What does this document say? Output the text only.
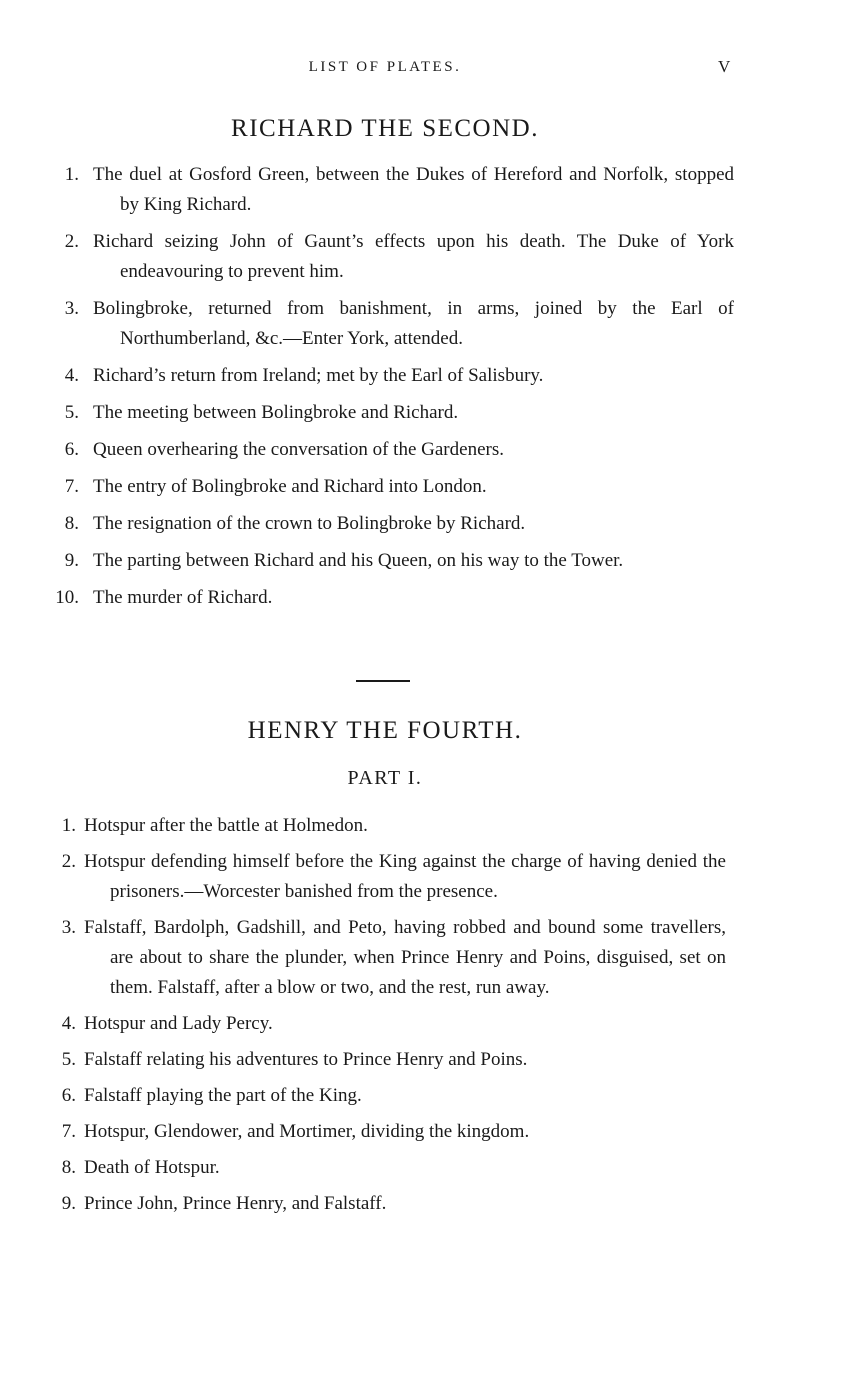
LIST OF PLATES.	V
RICHARD THE SECOND.
1. The duel at Gosford Green, between the Dukes of Hereford and Norfolk, stopped by King Richard.
2. Richard seizing John of Gaunt’s effects upon his death. The Duke of York endeavouring to prevent him.
3. Bolingbroke, returned from banishment, in arms, joined by the Earl of Northumberland, &c.—Enter York, attended.
4. Richard’s return from Ireland; met by the Earl of Salisbury.
5. The meeting between Bolingbroke and Richard.
6. Queen overhearing the conversation of the Gardeners.
7. The entry of Bolingbroke and Richard into London.
8. The resignation of the crown to Bolingbroke by Richard.
9. The parting between Richard and his Queen, on his way to the Tower.
10. The murder of Richard.
HENRY THE FOURTH.
PART I.
1. Hotspur after the battle at Holmedon.
2. Hotspur defending himself before the King against the charge of having denied the prisoners.—Worcester banished from the presence.
3. Falstaff, Bardolph, Gadshill, and Peto, having robbed and bound some travellers, are about to share the plunder, when Prince Henry and Poins, disguised, set on them. Falstaff, after a blow or two, and the rest, run away.
4. Hotspur and Lady Percy.
5. Falstaff relating his adventures to Prince Henry and Poins.
6. Falstaff playing the part of the King.
7. Hotspur, Glendower, and Mortimer, dividing the kingdom.
8. Death of Hotspur.
9. Prince John, Prince Henry, and Falstaff.
